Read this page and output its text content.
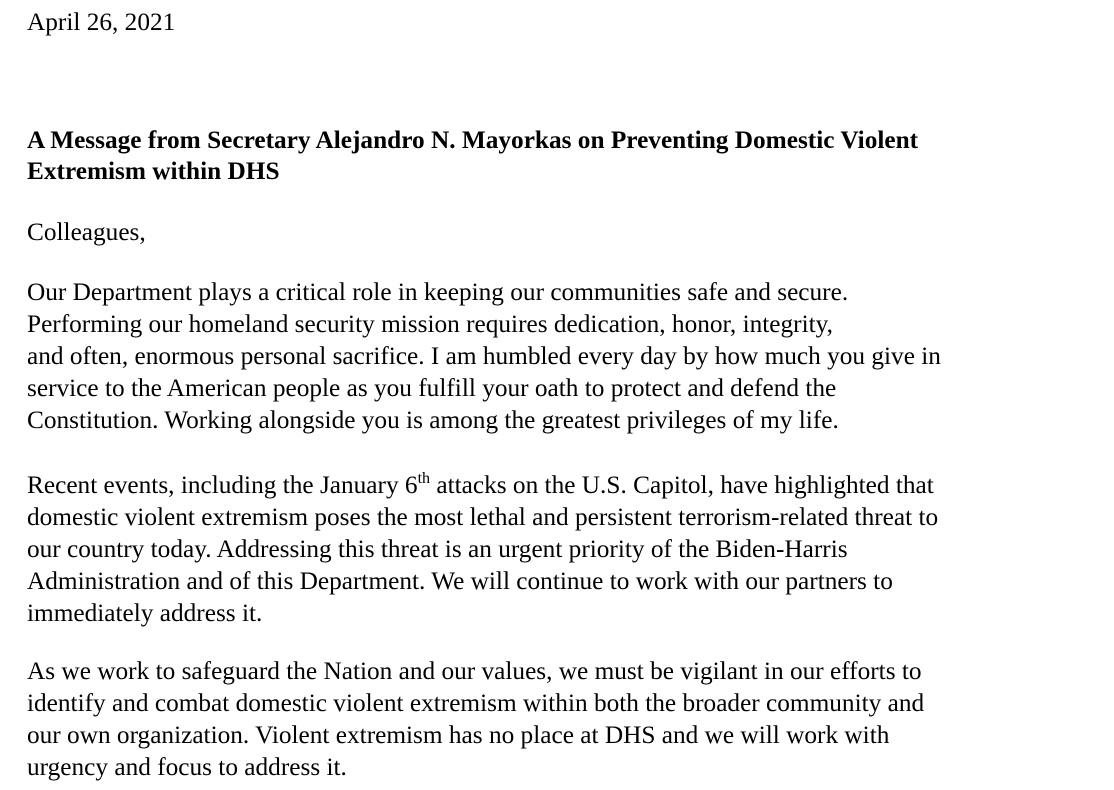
April 26, 2021
A Message from Secretary Alejandro N. Mayorkas on Preventing Domestic Violent
Extremism within DHS
Colleagues,
Our Department plays a critical role in keeping our communities safe and secure.
Performing our homeland security mission requires dedication, honor, integrity,
and often, enormous personal sacrifice. I am humbled every day by how much you give in
service to the American people as you fulfill your oath to protect and defend the
Constitution. Working alongside you is among the greatest privileges of my life.
Recent events, including the January 6th attacks on the U.S. Capitol, have highlighted that
domestic violent extremism poses the most lethal and persistent terrorism-related threat to
our country today. Addressing this threat is an urgent priority of the Biden-Harris
Administration and of this Department. We will continue to work with our partners to
immediately address it.
As we work to safeguard the Nation and our values, we must be vigilant in our efforts to
identify and combat domestic violent extremism within both the broader community and
our own organization. Violent extremism has no place at DHS and we will work with
urgency and focus to address it.
